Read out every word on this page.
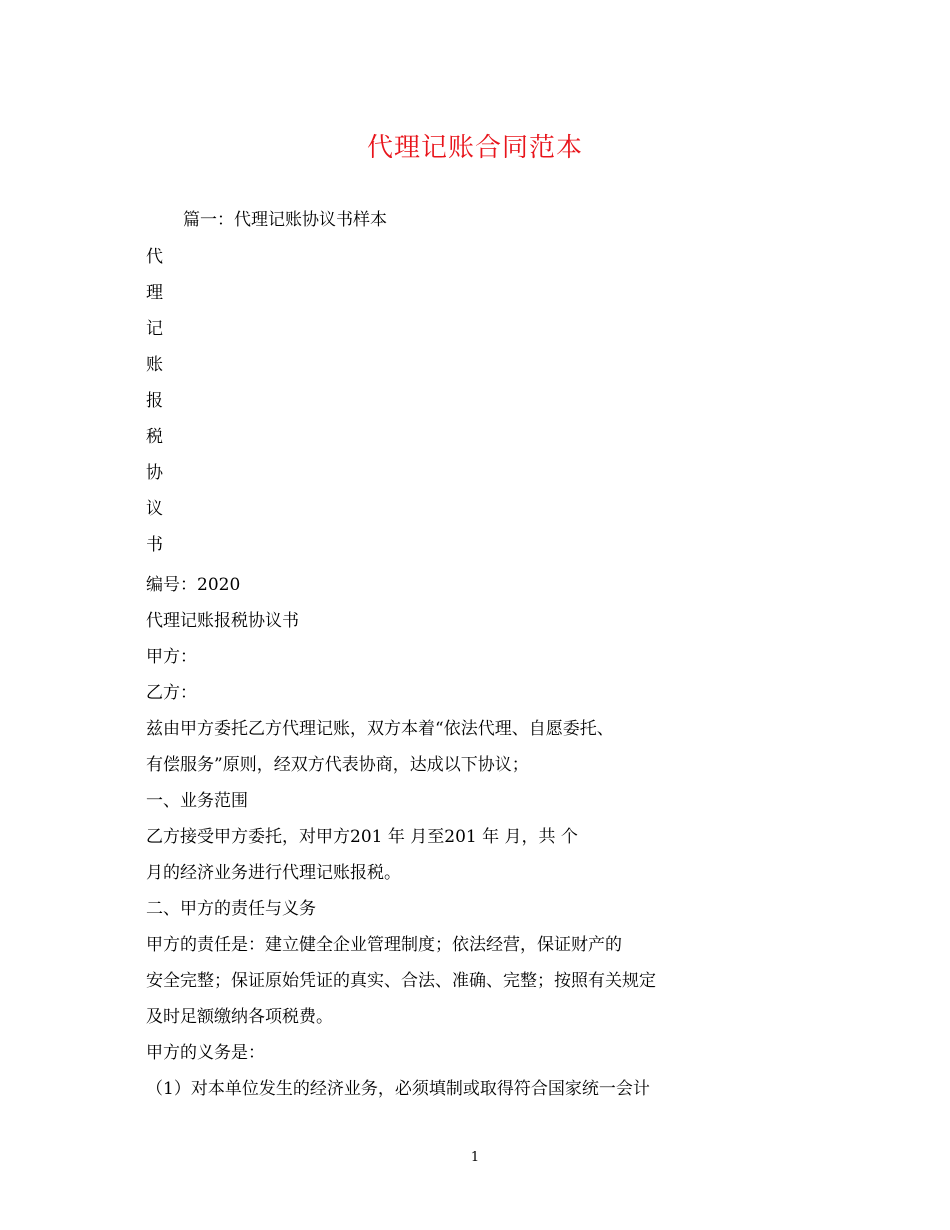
代理记账合同范本
篇一：代理记账协议书样本
代
理
记
账
报
税
协
议
书
编号：2020
代理记账报税协议书
甲方：
乙方：
兹由甲方委托乙方代理记账，双方本着“依法代理、自愿委托、
有偿服务”原则，经双方代表协商，达成以下协议；
一、业务范围
乙方接受甲方委托，对甲方201 年 月至201 年 月，共 个
月的经济业务进行代理记账报税。
二、甲方的责任与义务
甲方的责任是：建立健全企业管理制度；依法经营，保证财产的
安全完整；保证原始凭证的真实、合法、准确、完整；按照有关规定
及时足额缴纳各项税费。
甲方的义务是：
（1）对本单位发生的经济业务，必须填制或取得符合国家统一会计
1
